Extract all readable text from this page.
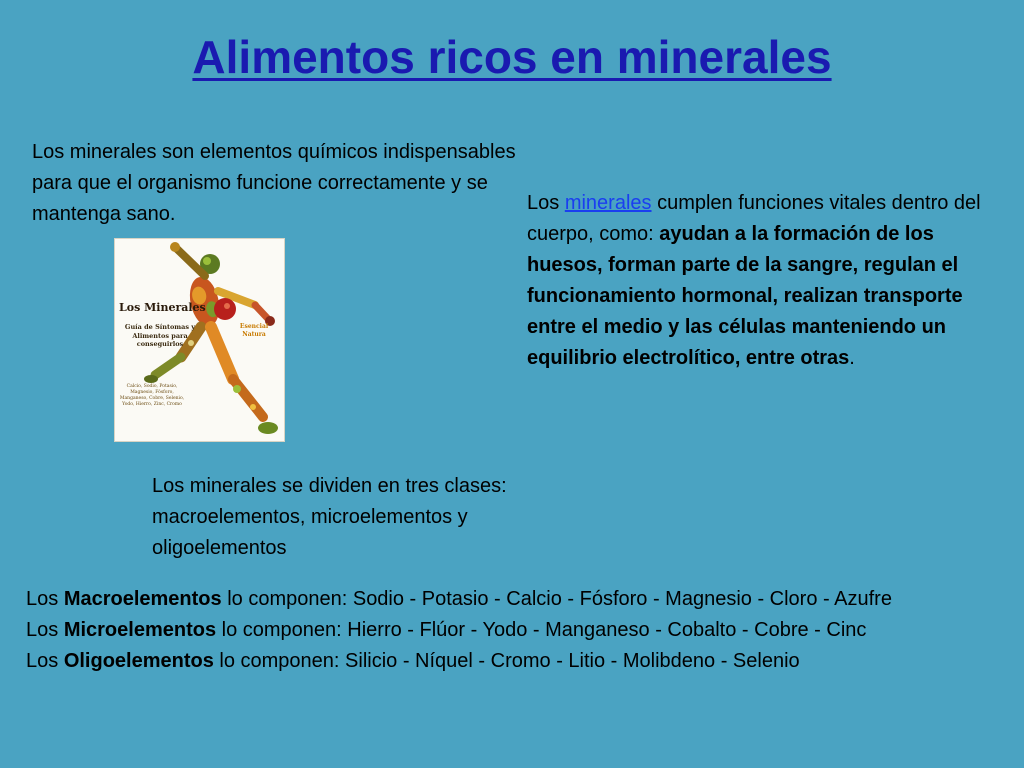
Alimentos ricos en minerales

Los minerales son elementos químicos indispensables para que el organismo funcione correctamente y se mantenga sano.	Los minerales cumplen funciones vitales dentro del cuerpo, como: ayudan a la formación de los huesos, forman parte de la sangre, regulan el funcionamiento hormonal, realizan transporte entre el medio y las células manteniendo un equilibrio electrolítico, entre otras.

Los Minerales
Guía de Síntomas y Alimentos para conseguirlos
Esencial Natura
Calcio, Sodio, Potasio, Magnesio, Fósforo, Manganeso, Cobre, Selenio, Yodo, Hierro, Zinc, Cromo

Los minerales se dividen en tres clases: macroelementos, microelementos y oligoelementos

Los Macroelementos lo componen: Sodio - Potasio - Calcio - Fósforo - Magnesio - Cloro - Azufre
Los Microelementos lo componen: Hierro - Flúor - Yodo - Manganeso - Cobalto - Cobre - Cinc
Los Oligoelementos lo componen: Silicio - Níquel - Cromo - Litio - Molibdeno - Selenio
